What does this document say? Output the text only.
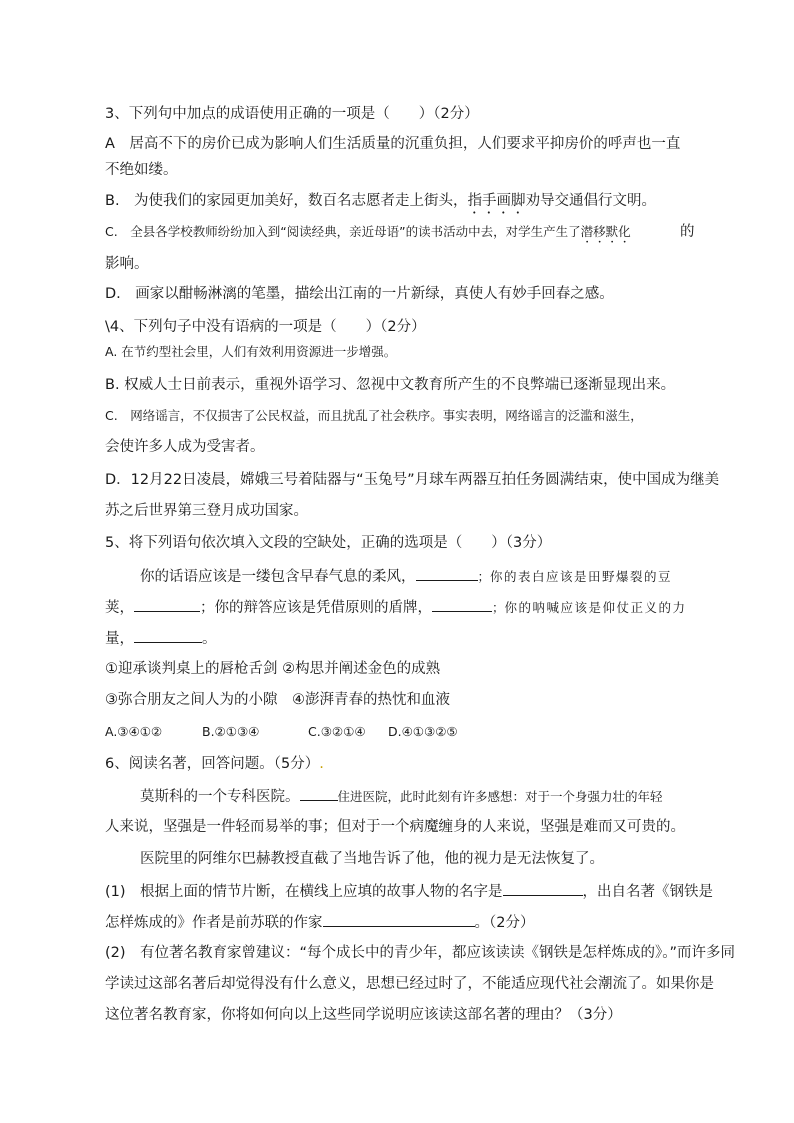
3、下列句中加点的成语使用正确的一项是（　　）（2分）
A　居高不下的房价已成为影响人们生活质量的沉重负担，人们要求平抑房价的呼声也一直
不绝如缕。
B.　为使我们的家园更加美好，数百名志愿者走上街头，指手画脚劝导交通倡行文明。
C.　全县各学校教师纷纷加入到“阅读经典，亲近母语”的读书活动中去，对学生产生了潜移默化	的
影响。
D.　画家以酣畅淋漓的笔墨，描绘出江南的一片新绿，真使人有妙手回春之感。
\4、下列句子中没有语病的一项是（　　）（2分）
A. 在节约型社会里，人们有效利用资源进一步增强。
B. 权威人士日前表示，重视外语学习、忽视中文教育所产生的不良弊端已逐渐显现出来。
C.　网络谣言，不仅损害了公民权益，而且扰乱了社会秩序。事实表明，网络谣言的泛滥和滋生，
会使许多人成为受害者。
D．12月22日凌晨，嫦娥三号着陆器与“玉兔号”月球车两器互拍任务圆满结束，使中国成为继美
苏之后世界第三登月成功国家。
5、将下列语句依次填入文段的空缺处，正确的选项是（　　）（3分）
你的话语应该是一缕包含早春气息的柔风，	；你的表白应该是田野爆裂的豆
荚，	；你的辩答应该是凭借原则的盾牌，	；你的呐喊应该是仰仗正义的力
量，	。
①迎承谈判桌上的唇枪舌剑 ②构思并阐述金色的成熟
③弥合朋友之间人为的小隙　④澎湃青春的热忱和血液
A.③④①②	B.②①③④	C.③②①④ D.④①③②⑤
6、阅读名著，回答问题。（5分）.
莫斯科的一个专科医院。	住进医院，此时此刻有许多感想：对于一个身强力壮的年轻
人来说，坚强是一件轻而易举的事；但对于一个病魔缠身的人来说，坚强是难而又可贵的。
医院里的阿维尔巴赫教授直截了当地告诉了他，他的视力是无法恢复了。
(1)　根据上面的情节片断，在横线上应填的故事人物的名字是	，出自名著《钢铁是
怎样炼成的》作者是前苏联的作家	。（2分）
(2)　有位著名教育家曾建议：“每个成长中的青少年，都应该读读《钢铁是怎样炼成的》。”而许多同
学读过这部名著后却觉得没有什么意义，思想已经过时了，不能适应现代社会潮流了。如果你是
这位著名教育家，你将如何向以上这些同学说明应该读这部名著的理由？（3分）
